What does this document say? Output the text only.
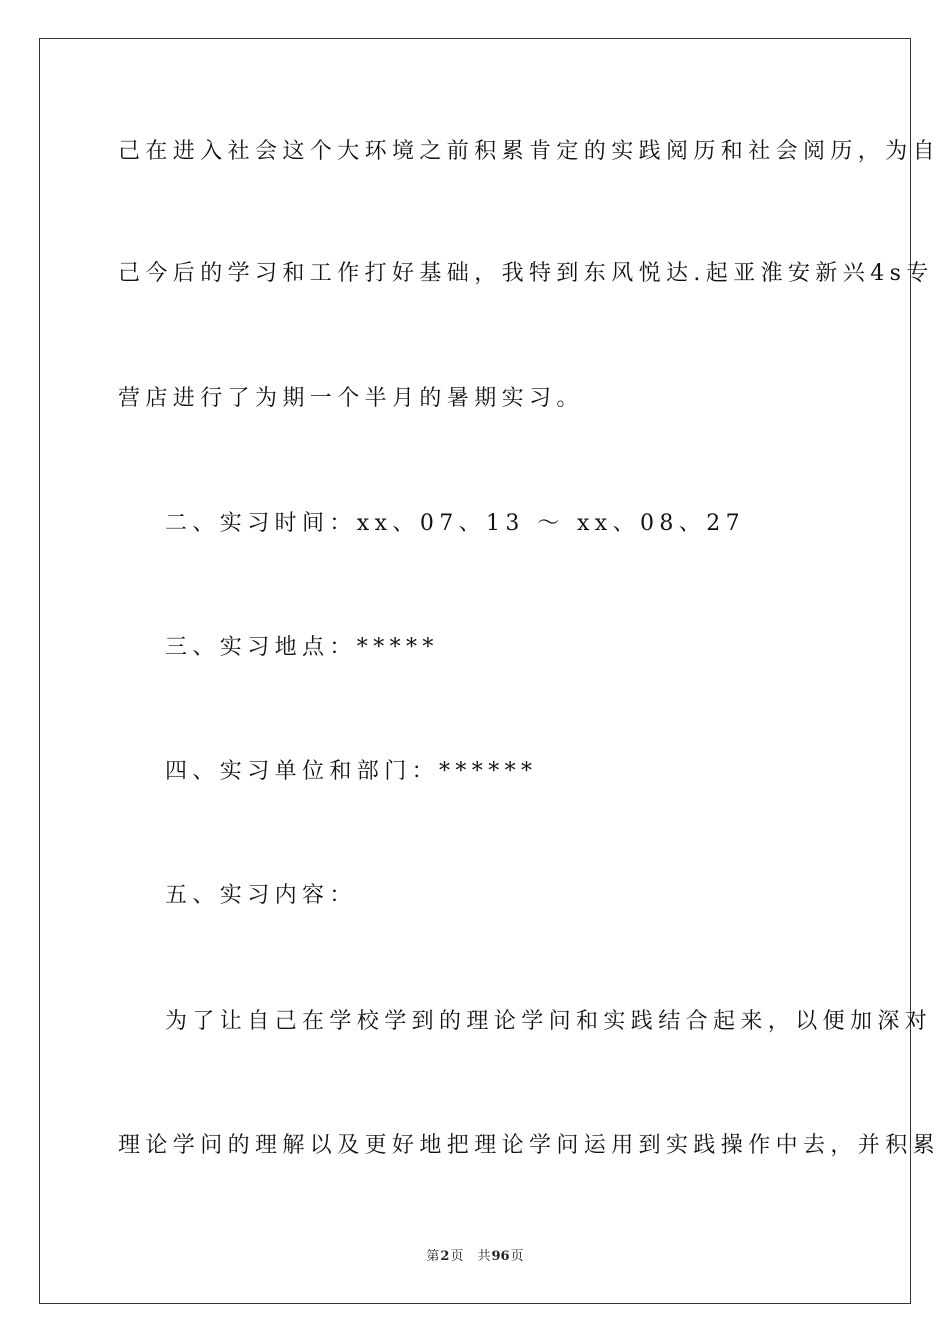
己在进入社会这个大环境之前积累肯定的实践阅历和社会阅历，为自
己今后的学习和工作打好基础，我特到东风悦达.起亚淮安新兴4s专
营店进行了为期一个半月的暑期实习。
二、实习时间：xx、07、13 ～ xx、08、27
三、实习地点：*****
四、实习单位和部门：******
五、实习内容：
为了让自己在学校学到的理论学问和实践结合起来，以便加深对
理论学问的理解以及更好地把理论学问运用到实践操作中去，并积累
第2页 共96页
